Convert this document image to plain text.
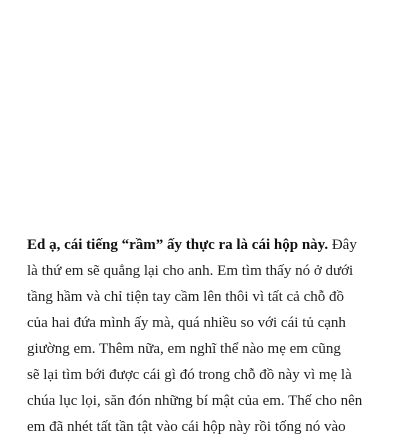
Ed ạ, cái tiếng “rầm” ấy thực ra là cái hộp này. Đây
là thứ em sẽ quẳng lại cho anh. Em tìm thấy nó ở dưới
tầng hầm và chỉ tiện tay cầm lên thôi vì tất cả chỗ đồ
của hai đứa mình ấy mà, quá nhiều so với cái tủ cạnh
giường em. Thêm nữa, em nghĩ thể nào mẹ em cũng
sẽ lại tìm bới được cái gì đó trong chỗ đồ này vì mẹ là
chúa lục lọi, săn đón những bí mật của em. Thế cho nên
em đã nhét tất tần tật vào cái hộp này rồi tống nó vào
